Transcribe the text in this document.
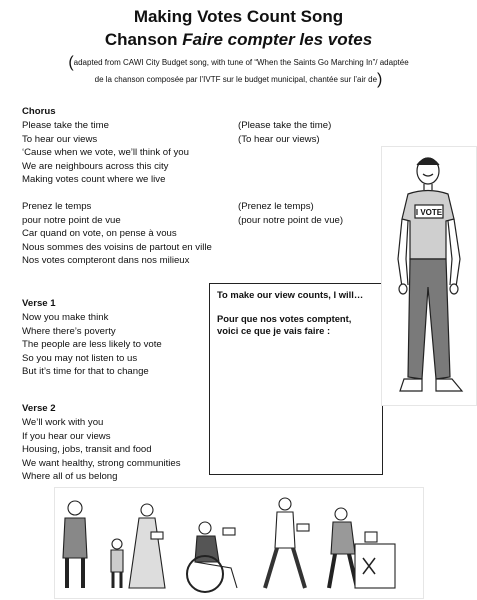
Making Votes Count Song
Chanson Faire compter les votes
(adapted from CAWI City Budget song, with tune of “When the Saints Go Marching In”/ adaptée
de la chanson composée par l’IVTF sur le budget municipal, chantée sur l’air de)
Chorus
Please take the time
To hear our views
‘Cause when we vote, we’ll think of you
We are neighbours across this city
Making votes count where we live
(Please take the time)
(To hear our views)
Prenez le temps
pour notre point de vue
Car quand on vote, on pense à vous
Nous sommes des voisins de partout en ville
Nos votes compteront dans nos milieux
(Prenez le temps)
(pour notre point de vue)
Verse 1
Now you make think
Where there’s poverty
The people are less likely to vote
So you may not listen to us
But it’s time for that to change
Verse 2
We’ll work with you
If you hear our views
Housing, jobs, transit and food
We want healthy, strong communities
Where all of us belong

To make our view counts, I will…

Pour que nos votes comptent, voici ce que je vais faire :

I VOTE
